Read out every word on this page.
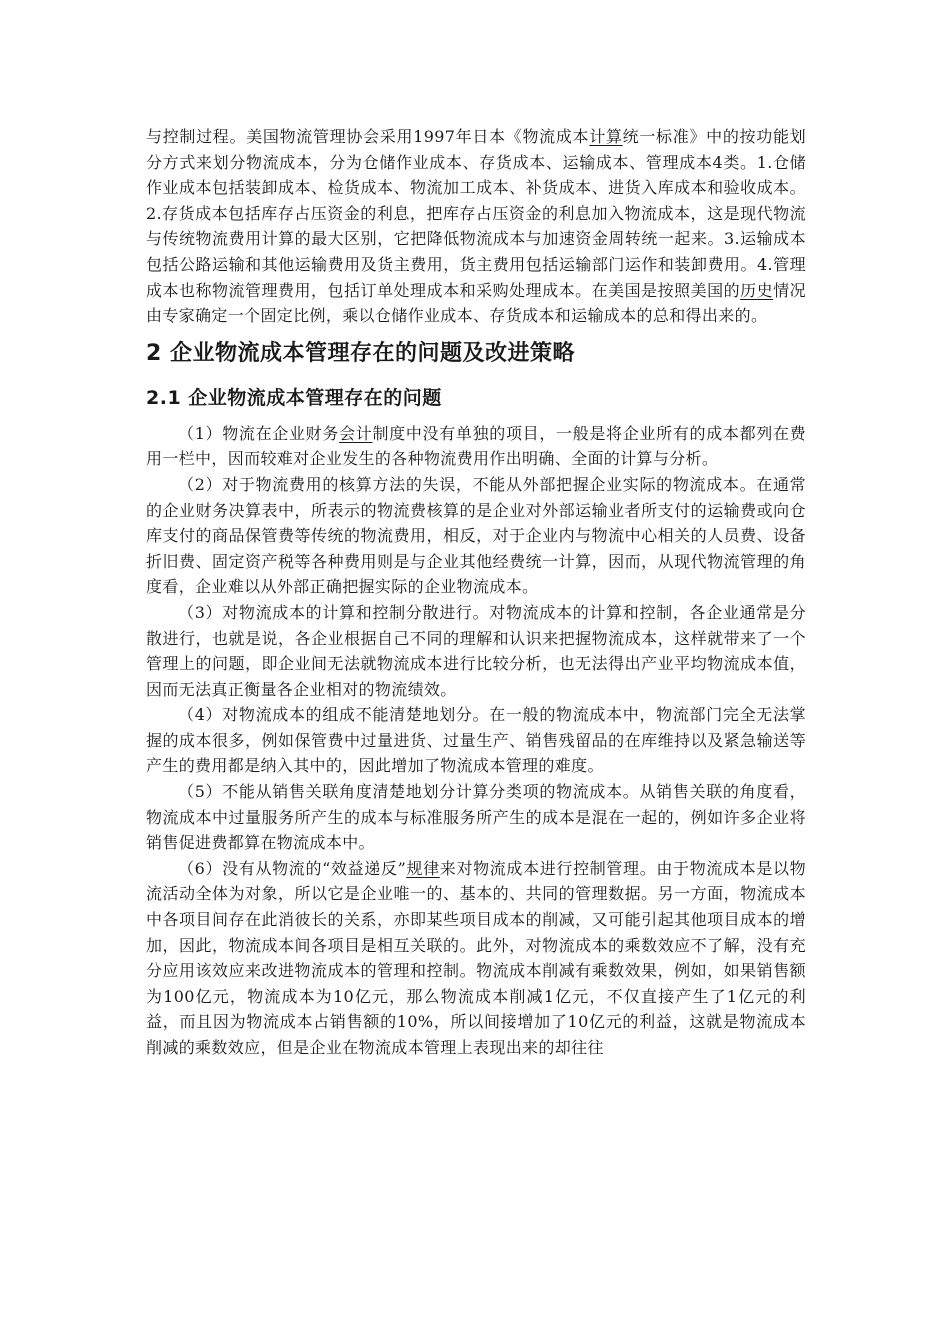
与控制过程。美国物流管理协会采用1997年日本《物流成本计算统一标准》中的按功能划分方式来划分物流成本，分为仓储作业成本、存货成本、运输成本、管理成本4类。1.仓储作业成本包括装卸成本、检货成本、物流加工成本、补货成本、进货入库成本和验收成本。2.存货成本包括库存占压资金的利息，把库存占压资金的利息加入物流成本，这是现代物流与传统物流费用计算的最大区别，它把降低物流成本与加速资金周转统一起来。3.运输成本包括公路运输和其他运输费用及货主费用，货主费用包括运输部门运作和装卸费用。4.管理成本也称物流管理费用，包括订单处理成本和采购处理成本。在美国是按照美国的历史情况由专家确定一个固定比例，乘以仓储作业成本、存货成本和运输成本的总和得出来的。

2 企业物流成本管理存在的问题及改进策略
2.1 企业物流成本管理存在的问题

（1）物流在企业财务会计制度中没有单独的项目，一般是将企业所有的成本都列在费用一栏中，因而较难对企业发生的各种物流费用作出明确、全面的计算与分析。

（2）对于物流费用的核算方法的失误，不能从外部把握企业实际的物流成本。在通常的企业财务决算表中，所表示的物流费核算的是企业对外部运输业者所支付的运输费或向仓库支付的商品保管费等传统的物流费用，相反，对于企业内与物流中心相关的人员费、设备折旧费、固定资产税等各种费用则是与企业其他经费统一计算，因而，从现代物流管理的角度看，企业难以从外部正确把握实际的企业物流成本。

（3）对物流成本的计算和控制分散进行。对物流成本的计算和控制，各企业通常是分散进行，也就是说，各企业根据自己不同的理解和认识来把握物流成本，这样就带来了一个管理上的问题，即企业间无法就物流成本进行比较分析，也无法得出产业平均物流成本值，因而无法真正衡量各企业相对的物流绩效。

（4）对物流成本的组成不能清楚地划分。在一般的物流成本中，物流部门完全无法掌握的成本很多，例如保管费中过量进货、过量生产、销售残留品的在库维持以及紧急输送等产生的费用都是纳入其中的，因此增加了物流成本管理的难度。

（5）不能从销售关联角度清楚地划分计算分类项的物流成本。从销售关联的角度看，物流成本中过量服务所产生的成本与标准服务所产生的成本是混在一起的，例如许多企业将销售促进费都算在物流成本中。

（6）没有从物流的“效益递反”规律来对物流成本进行控制管理。由于物流成本是以物流活动全体为对象，所以它是企业唯一的、基本的、共同的管理数据。另一方面，物流成本中各项目间存在此消彼长的关系，亦即某些项目成本的削减，又可能引起其他项目成本的增加，因此，物流成本间各项目是相互关联的。此外，对物流成本的乘数效应不了解，没有充分应用该效应来改进物流成本的管理和控制。物流成本削减有乘数效果，例如，如果销售额为100亿元，物流成本为10亿元，那么物流成本削减1亿元，不仅直接产生了1亿元的利益，而且因为物流成本占销售额的10%，所以间接增加了10亿元的利益，这就是物流成本削减的乘数效应，但是企业在物流成本管理上表现出来的却往往
